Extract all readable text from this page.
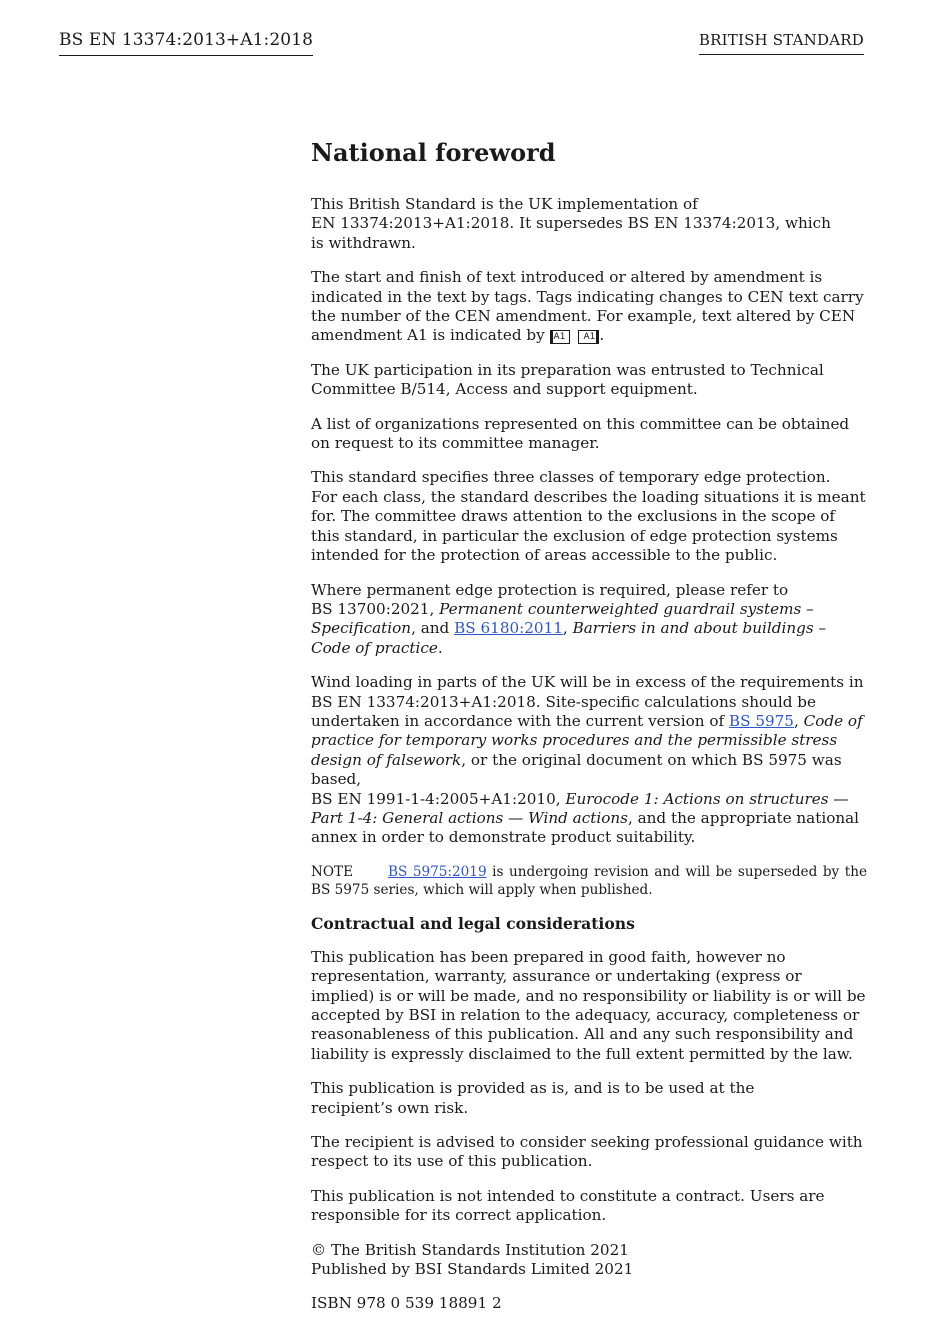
BS EN 13374:2013+A1:2018	BRITISH STANDARD
National foreword

This British Standard is the UK implementation of
EN 13374:2013+A1:2018. It supersedes BS EN 13374:2013, which
is withdrawn.

The start and finish of text introduced or altered by amendment is indicated in the text by tags. Tags indicating changes to CEN text carry the number of the CEN amendment. For example, text altered by CEN amendment A1 is indicated by A1 A1 .

The UK participation in its preparation was entrusted to Technical Committee B/514, Access and support equipment.

A list of organizations represented on this committee can be obtained on request to its committee manager.

This standard specifies three classes of temporary edge protection.
For each class, the standard describes the loading situations it is meant for. The committee draws attention to the exclusions in the scope of this standard, in particular the exclusion of edge protection systems intended for the protection of areas accessible to the public.

Where permanent edge protection is required, please refer to
BS 13700:2021, Permanent counterweighted guardrail systems – Specification, and BS 6180:2011, Barriers in and about buildings – Code of practice.

Wind loading in parts of the UK will be in excess of the requirements in BS EN 13374:2013+A1:2018. Site-specific calculations should be undertaken in accordance with the current version of BS 5975, Code of practice for temporary works procedures and the permissible stress design of falsework, or the original document on which BS 5975 was based,
BS EN 1991-1-4:2005+A1:2010, Eurocode 1: Actions on structures — Part 1-4: General actions — Wind actions, and the appropriate national annex in order to demonstrate product suitability.

NOTE	BS 5975:2019 is undergoing revision and will be superseded by the BS 5975 series, which will apply when published.
Contractual and legal considerations

This publication has been prepared in good faith, however no representation, warranty, assurance or undertaking (express or implied) is or will be made, and no responsibility or liability is or will be accepted by BSI in relation to the adequacy, accuracy, completeness or reasonableness of this publication. All and any such responsibility and liability is expressly disclaimed to the full extent permitted by the law.

This publication is provided as is, and is to be used at the
recipient’s own risk.

The recipient is advised to consider seeking professional guidance with respect to its use of this publication.

This publication is not intended to constitute a contract. Users are responsible for its correct application.

© The British Standards Institution 2021
Published by BSI Standards Limited 2021

ISBN 978 0 539 18891 2
